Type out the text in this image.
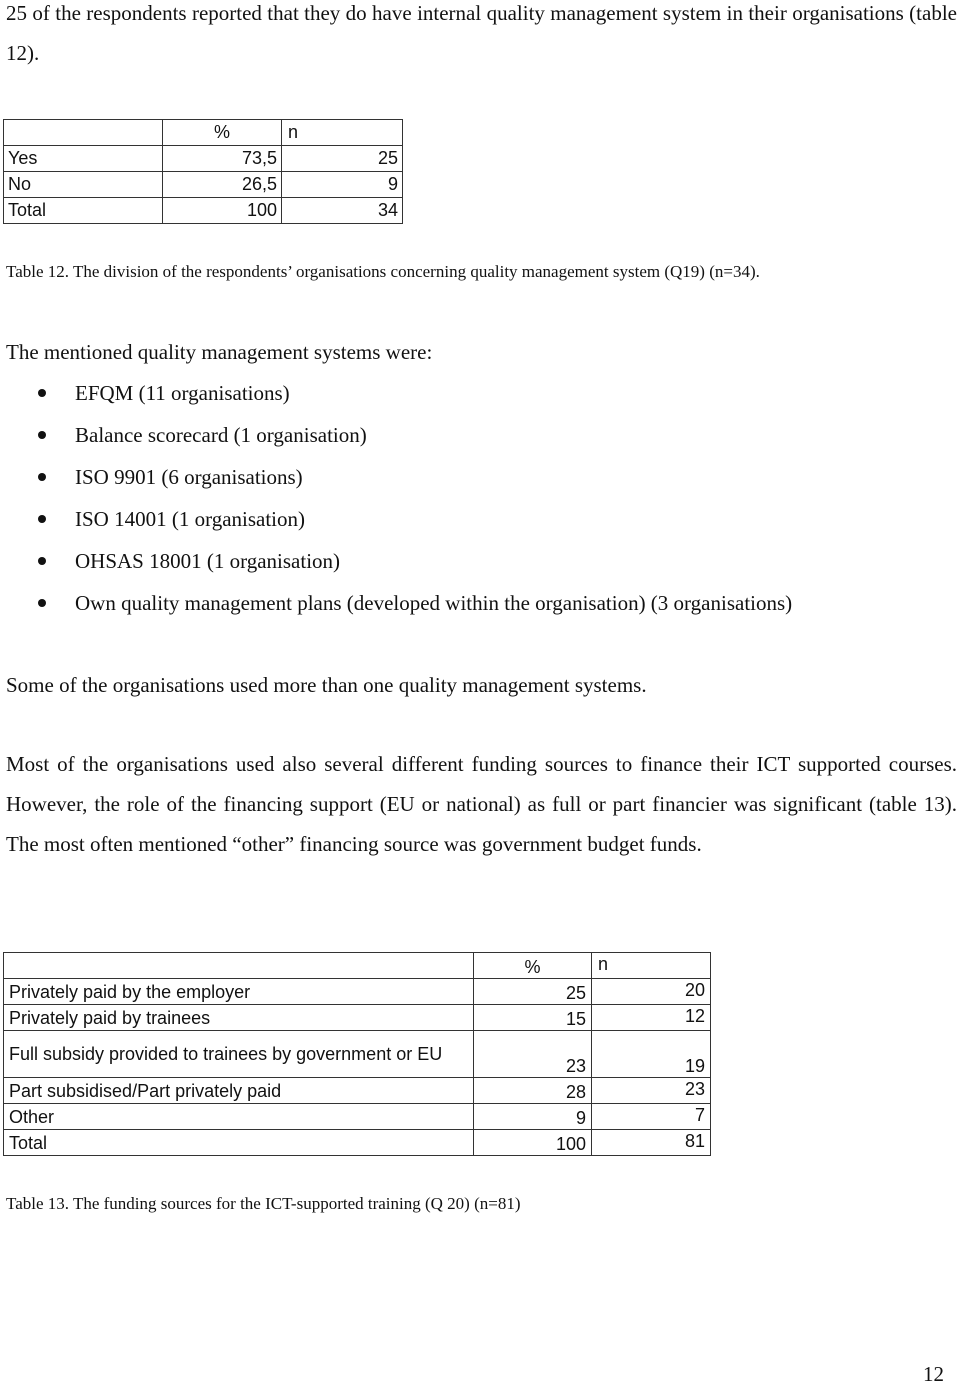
25 of the respondents reported that they do have internal quality management system in their organisations (table 12).

	%	n
Yes	73,5	25
No	26,5	9
Total	100	34
Table 12. The division of the respondents’ organisations concerning quality management system (Q19) (n=34).

The mentioned quality management systems were:

EFQM (11 organisations)
Balance scorecard (1 organisation)
ISO 9901 (6 organisations)
ISO 14001 (1 organisation)
OHSAS 18001 (1 organisation)
Own quality management plans (developed within the organisation) (3 organisations)

Some of the organisations used more than one quality management systems.

Most of the organisations used also several different funding sources to finance their ICT supported courses. However, the role of the financing support (EU or national) as full or part financier was significant (table 13). The most often mentioned “other” financing source was government budget funds.

	%	n
Privately paid by the employer	25	20
Privately paid by trainees	15	12
Full subsidy provided to trainees by government or EU	23	19
Part subsidised/Part privately paid	28	23
Other	9	7
Total	100	81
Table 13. The funding sources for the ICT-supported training (Q 20) (n=81)
12
